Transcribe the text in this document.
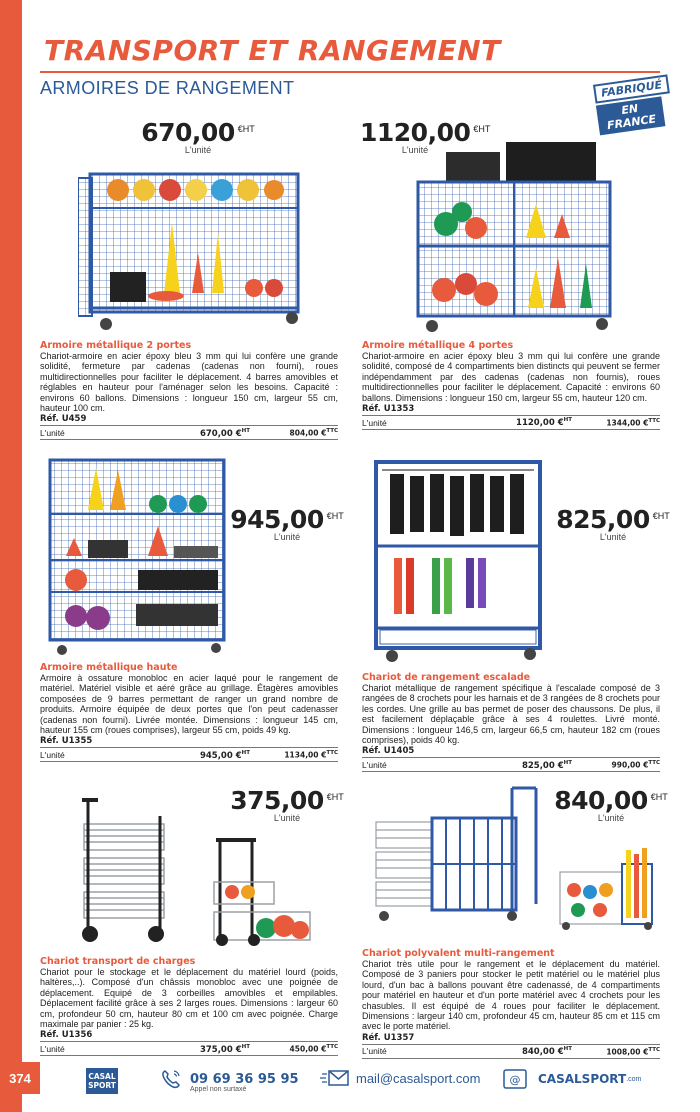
TRANSPORT ET RANGEMENT
ARMOIRES DE RANGEMENT	FABRIQUÉ
EN FRANCE
670,00 $^{€HT}$
L'unité
Armoire métallique 2 portes
Chariot-armoire en acier époxy bleu 3 mm qui lui confère une grande solidité, fermeture par cadenas (cadenas non fourni), roues multidirectionnelles pour faciliter le déplacement. 4 barres amovibles et réglables en hauteur pour l'aménager selon les besoins. Capacité : environs 60 ballons. Dimensions : longueur 150 cm, largeur 55 cm, hauteur 100 cm.
Réf. U459
L'unité	670,00 €$^{HT}$	804,00 €$^{TTC}$
1120,00 $^{€HT}$
L'unité
Armoire métallique 4 portes
Chariot-armoire en acier époxy bleu 3 mm qui lui confère une grande solidité, composé de 4 compartiments bien distincts qui peuvent se fermer indépendamment par des cadenas (cadenas non fournis), roues multidirectionnelles pour faciliter le déplacement. Capacité : environs 60 ballons. Dimensions : longueur 150 cm, largeur 55 cm, hauteur 120 cm.
Réf. U1353
L'unité	1120,00 €$^{HT}$	1344,00 €$^{TTC}$
945,00 $^{€HT}$
L'unité
Armoire métallique haute
Armoire à ossature monobloc en acier laqué pour le rangement de matériel. Matériel visible et aéré grâce au grillage. Étagères amovibles composées de 9 barres permettant de ranger un grand nombre de produits. Armoire équipée de deux portes que l'on peut cadenasser (cadenas non fourni). Livrée montée. Dimensions : longueur 145 cm, hauteur 155 cm (roues comprises), largeur 55 cm, poids 49 kg.
Réf. U1355
L'unité	945,00 €$^{HT}$	1134,00 €$^{TTC}$
825,00 $^{€HT}$
L'unité
Chariot de rangement escalade
Chariot métallique de rangement spécifique à l'escalade composé de 3 rangées de 8 crochets pour les harnais et de 3 rangées de 8 crochets pour les cordes. Une grille au bas permet de poser des chaussons. De plus, il est facilement déplaçable grâce à ses 4 roulettes. Livré monté. Dimensions : longueur 146,5 cm, largeur 66,5 cm, hauteur 182 cm (roues comprises), poids 40 kg.
Réf. U1405
L'unité	825,00 €$^{HT}$	990,00 €$^{TTC}$
375,00 $^{€HT}$
L'unité
Chariot transport de charges
Chariot pour le stockage et le déplacement du matériel lourd (poids, haltères,..). Composé d'un châssis monobloc avec une poignée de déplacement. Equipé de 3 corbeilles amovibles et empilables. Déplacement facilité grâce à ses 2 larges roues. Dimensions : largeur 60 cm, profondeur 50 cm, hauteur 80 cm et 100 cm avec poignée. Charge maximale par panier : 25 kg.
Réf. U1356
L'unité	375,00 €$^{HT}$	450,00 €$^{TTC}$
840,00 $^{€HT}$
L'unité
Chariot polyvalent multi-rangement
Chariot très utile pour le rangement et le déplacement du matériel. Composé de 3 paniers pour stocker le petit matériel ou le matériel plus lourd, d'un bac à ballons pouvant être cadenassé, de 4 compartiments pour matériel en hauteur et d'un porte matériel avec 4 crochets pour les chasubles. Il est équipé de 4 roues pour faciliter le déplacement. Dimensions : largeur 140 cm, profondeur 45 cm, hauteur 85 cm et 115 cm avec le porte matériel.
Réf. U1357
L'unité	840,00 €$^{HT}$	1008,00 €$^{TTC}$
374	CASAL
SPORT	09 69 36 95 95
Appel non surtaxé
mail@casalsport.com	@ CASALSPORT .com
